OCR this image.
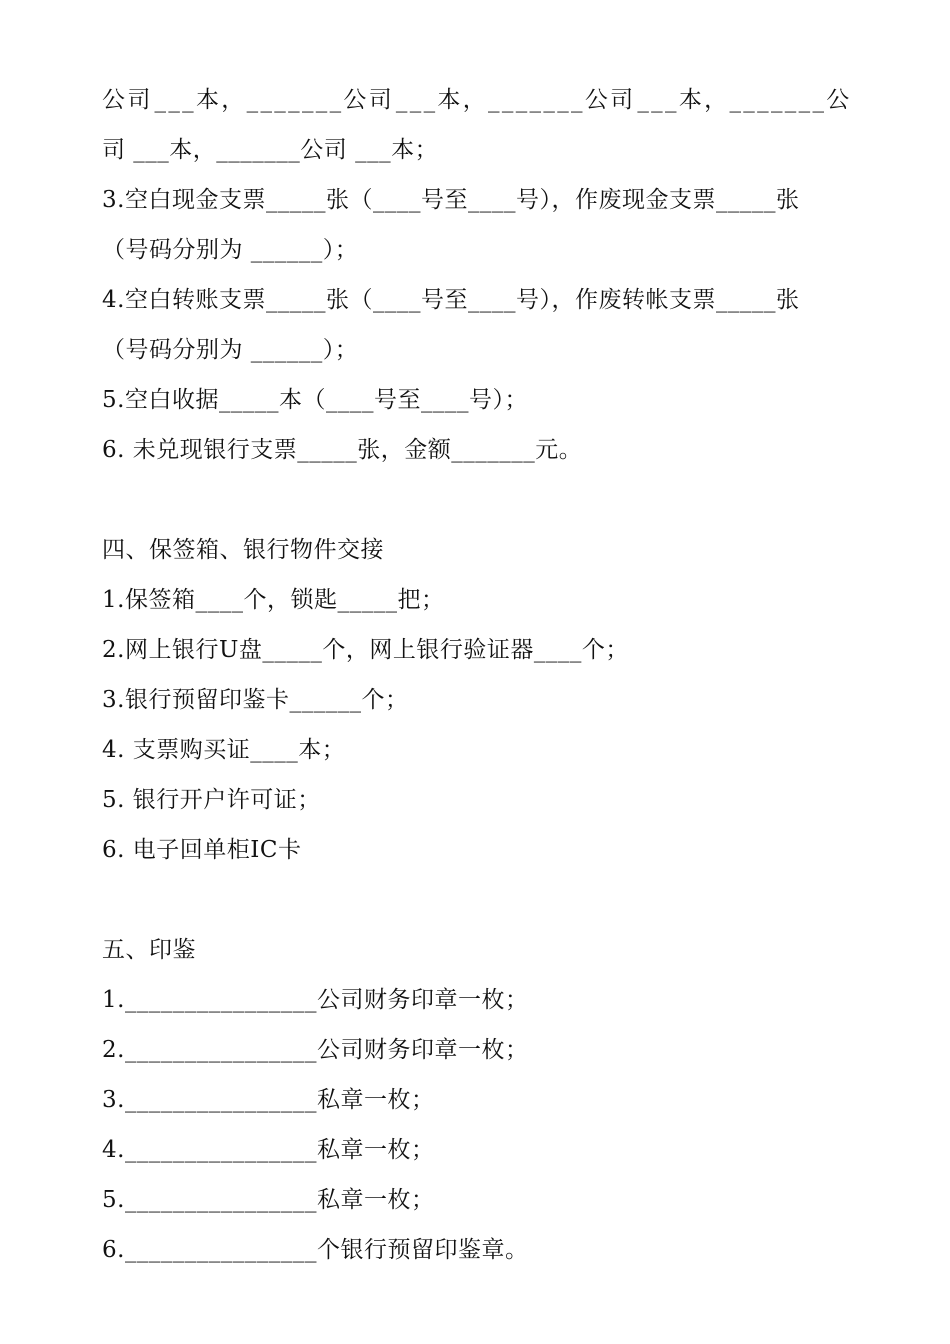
公 司 _ _ _ 本 ， _ _ _ _ _ _ _ 公 司 _ _ _ 本 ， _ _ _ _ _ _ _ 公 司 _ _ _ 本 ， _ _ _ _ _ _ _ 公
司 ___本，_______公司 ___本；
3.空白现金支票_____张（____号至____号），作废现金支票_____张
（号码分别为 ______）；
4.空白转账支票_____张（____号至____号），作废转帐支票_____张
（号码分别为 ______）；
5.空白收据_____本（____号至____号）；
6. 未兑现银行支票_____张，金额_______元。
四、保签箱、银行物件交接
1.保签箱____个，锁匙_____把；
2.网上银行U盘_____个，网上银行验证器____个；
3.银行预留印鉴卡______个；
4. 支票购买证____本；
5. 银行开户许可证；
6. 电子回单柜IC卡
五、印鉴
1.________________公司财务印章一枚；
2.________________公司财务印章一枚；
3.________________私章一枚；
4.________________私章一枚；
5.________________私章一枚；
6.________________个银行预留印鉴章。
